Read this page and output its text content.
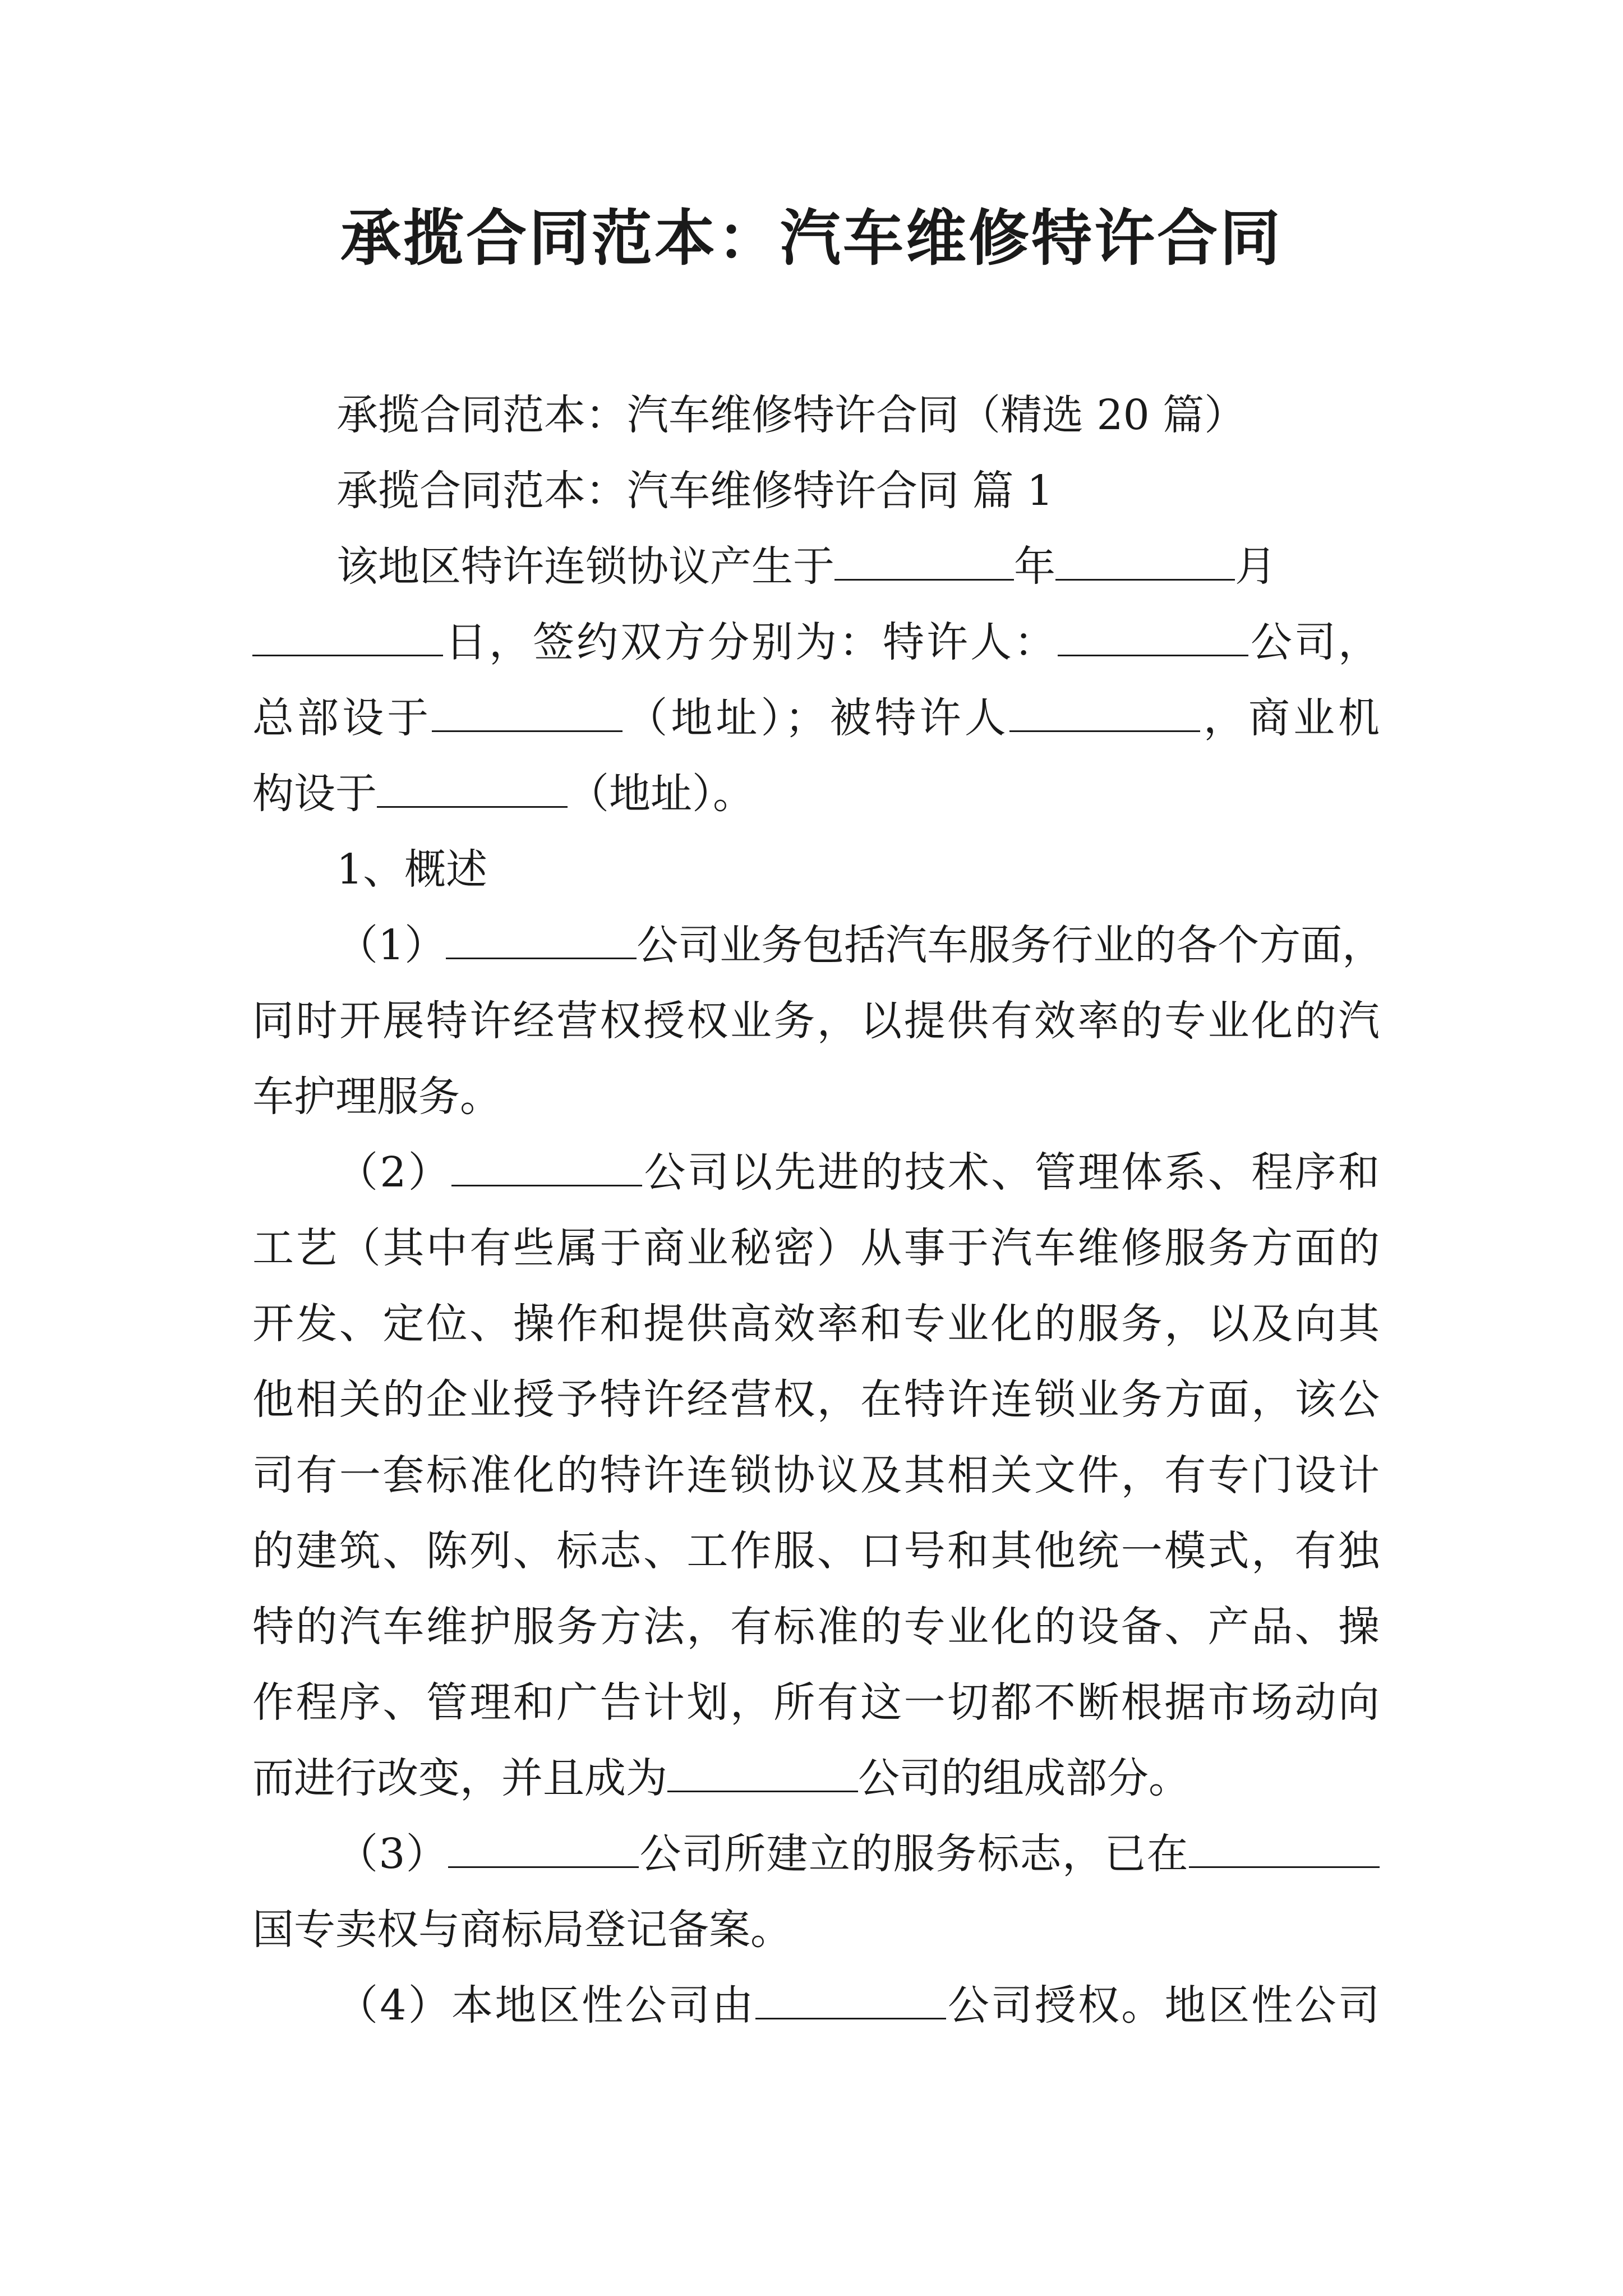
承揽合同范本：汽车维修特许合同
承揽合同范本：汽车维修特许合同（精选 20 篇）
承揽合同范本：汽车维修特许合同 篇 1
该地区特许连锁协议产生于	年	月
日，签约双方分别为：特许人：	公司，
总部设于	（地址）；被特许人	，商业机
构设于	（地址）。
1、概述
（1）	公司业务包括汽车服务行业的各个方面，
同时开展特许经营权授权业务，以提供有效率的专业化的汽
车护理服务。
（2）	公司以先进的技术、管理体系、程序和
工艺（其中有些属于商业秘密）从事于汽车维修服务方面的
开发、定位、操作和提供高效率和专业化的服务，以及向其
他相关的企业授予特许经营权，在特许连锁业务方面，该公
司有一套标准化的特许连锁协议及其相关文件，有专门设计
的建筑、陈列、标志、工作服、口号和其他统一模式，有独
特的汽车维护服务方法，有标准的专业化的设备、产品、操
作程序、管理和广告计划，所有这一切都不断根据市场动向
而进行改变，并且成为	公司的组成部分。
（3）	公司所建立的服务标志，已在
国专卖权与商标局登记备案。
（4）本地区性公司由	公司授权。地区性公司
